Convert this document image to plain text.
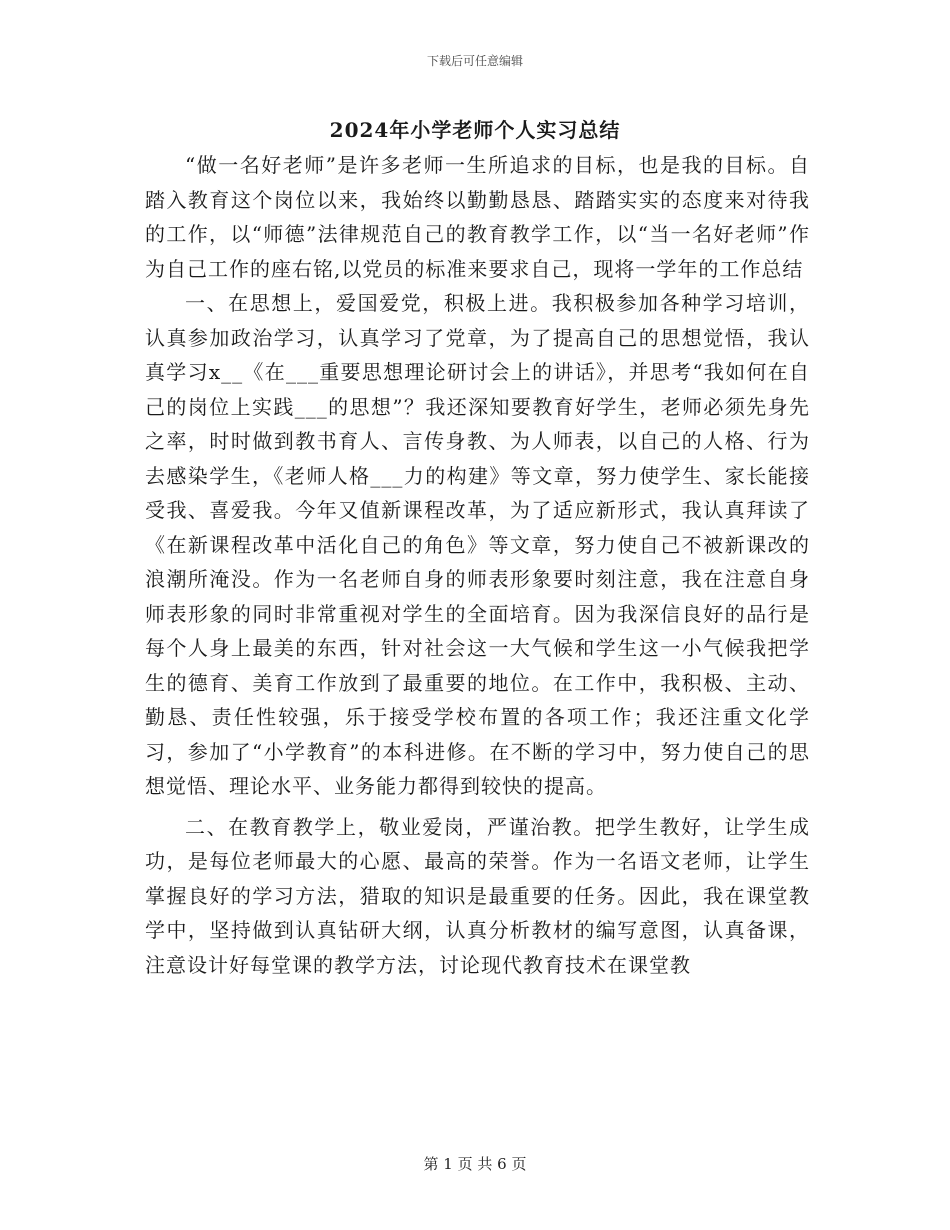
下载后可任意编辑
2024年小学老师个人实习总结

“做一名好老师”是许多老师一生所追求的目标，也是我的目标。自踏入教育这个岗位以来，我始终以勤勤恳恳、踏踏实实的态度来对待我的工作，以“师德”法律规范自己的教育教学工作，以“当一名好老师”作为自己工作的座右铭,以党员的标准来要求自己，现将一学年的工作总结

一、在思想上，爱国爱党，积极上进。我积极参加各种学习培训，认真参加政治学习，认真学习了党章，为了提高自己的思想觉悟，我认真学习x__《在___重要思想理论研讨会上的讲话》，并思考“我如何在自己的岗位上实践___的思想”？我还深知要教育好学生，老师必须先身先之率，时时做到教书育人、言传身教、为人师表，以自己的人格、行为去感染学生，《老师人格___力的构建》等文章，努力使学生、家长能接受我、喜爱我。今年又值新课程改革，为了适应新形式，我认真拜读了《在新课程改革中活化自己的角色》等文章，努力使自己不被新课改的浪潮所淹没。作为一名老师自身的师表形象要时刻注意，我在注意自身师表形象的同时非常重视对学生的全面培育。因为我深信良好的品行是每个人身上最美的东西，针对社会这一大气候和学生这一小气候我把学生的德育、美育工作放到了最重要的地位。在工作中，我积极、主动、勤恳、责任性较强，乐于接受学校布置的各项工作；我还注重文化学习，参加了“小学教育”的本科进修。在不断的学习中，努力使自己的思想觉悟、理论水平、业务能力都得到较快的提高。

二、在教育教学上，敬业爱岗，严谨治教。把学生教好，让学生成功，是每位老师最大的心愿、最高的荣誉。作为一名语文老师，让学生掌握良好的学习方法，猎取的知识是最重要的任务。因此，我在课堂教学中，坚持做到认真钻研大纲，认真分析教材的编写意图，认真备课，注意设计好每堂课的教学方法，讨论现代教育技术在课堂教

第 1 页 共 6 页
